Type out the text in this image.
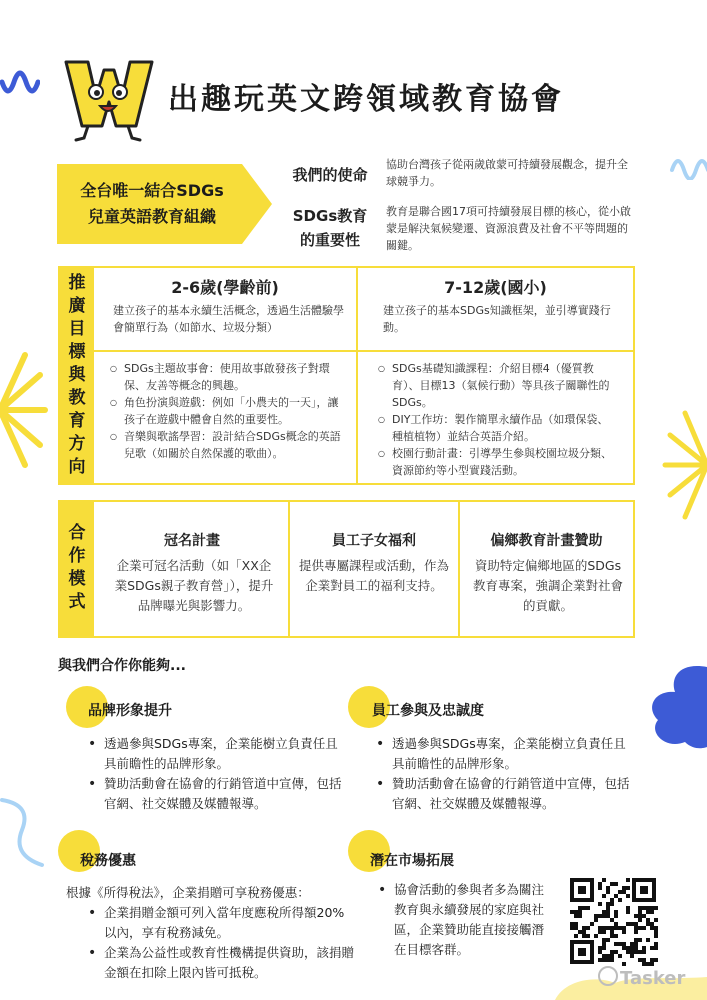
出趣玩英文跨領域教育協會
全台唯一結合SDGs
兒童英語教育組織
我們的使命
協助台灣孩子從兩歲啟蒙可持續發展觀念，提升全球競爭力。
SDGs教育
的重要性
教育是聯合國17項可持續發展目標的核心，從小啟蒙是解決氣候變遷、資源浪費及社會不平等問題的關鍵。
推
廣
目
標
與
教
育
方
向
2-6歲(學齡前)
建立孩子的基本永續生活概念，透過生活體驗學會簡單行為（如節水、垃圾分類）
○ SDGs主題故事會：使用故事啟發孩子對環保、友善等概念的興趣。
○ 角色扮演與遊戲：例如「小農夫的一天」，讓孩子在遊戲中體會自然的重要性。
○ 音樂與歌謠學習：設計結合SDGs概念的英語兒歌（如關於自然保護的歌曲）。
7-12歲(國小)
建立孩子的基本SDGs知識框架，並引導實踐行動。
○ SDGs基礎知識課程：介紹目標4（優質教育）、目標13（氣候行動）等具孩子關聯性的SDGs。
○ DIY工作坊：製作簡單永續作品（如環保袋、種植植物）並結合英語介紹。
○ 校園行動計畫：引導學生參與校園垃圾分類、資源節約等小型實踐活動。
合
作
模
式
冠名計畫
企業可冠名活動（如「XX企業SDGs親子教育營」），提升品牌曝光與影響力。
員工子女福利
提供專屬課程或活動，作為企業對員工的福利支持。
偏鄉教育計畫贊助
資助特定偏鄉地區的SDGs教育專案，強調企業對社會的貢獻。
與我們合作你能夠...
品牌形象提升
• 透過參與SDGs專案，企業能樹立負責任且具前瞻性的品牌形象。
• 贊助活動會在協會的行銷管道中宣傳，包括官網、社交媒體及媒體報導。
員工參與及忠誠度
• 透過參與SDGs專案，企業能樹立負責任且具前瞻性的品牌形象。
• 贊助活動會在協會的行銷管道中宣傳，包括官網、社交媒體及媒體報導。
稅務優惠
根據《所得稅法》，企業捐贈可享稅務優惠：
• 企業捐贈金額可列入當年度應稅所得額20%以內，享有稅務減免。
• 企業為公益性或教育性機構提供資助，該捐贈金額在扣除上限內皆可抵稅。
潛在市場拓展
• 協會活動的參與者多為關注教育與永續發展的家庭與社區，企業贊助能直接接觸潛在目標客群。
Tasker
